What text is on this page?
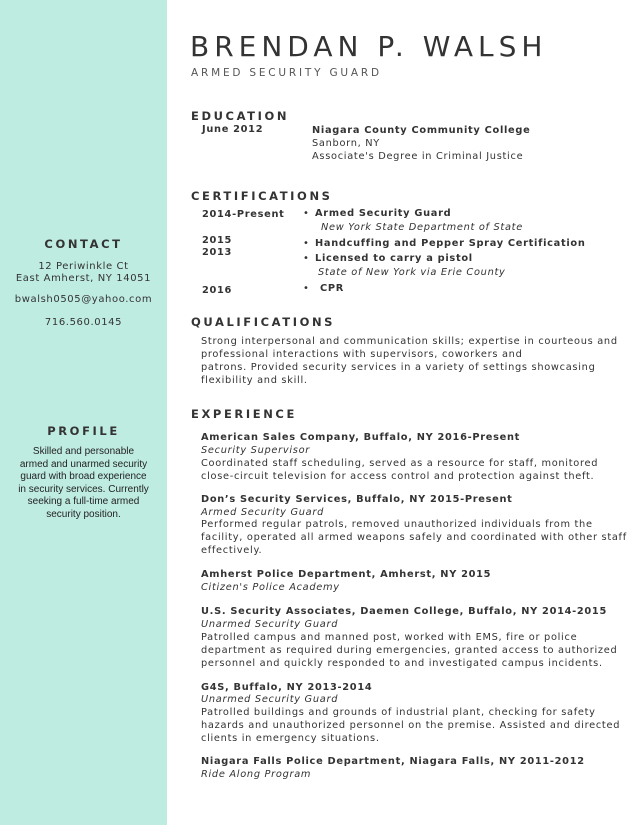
CONTACT
12 Periwinkle Ct
East Amherst, NY 14051
bwalsh0505@yahoo.com
716.560.0145
PROFILE
Skilled and personable armed and unarmed security guard with broad experience in security services. Currently seeking a full-time armed security position.
BRENDAN P. WALSH
ARMED SECURITY GUARD
EDUCATION
June 2012	Niagara County Community College
Sanborn, NY
Associate's Degree in Criminal Justice
CERTIFICATIONS
2014-Present
2015
2013
2016
• Armed Security Guard
New York State Department of State
• Handcuffing and Pepper Spray Certification
• Licensed to carry a pistol
State of New York via Erie County
• CPR
QUALIFICATIONS
Strong interpersonal and communication skills; expertise in courteous and
professional interactions with supervisors, coworkers and
patrons. Provided security services in a variety of settings showcasing
flexibility and skill.
EXPERIENCE
American Sales Company, Buffalo, NY 2016-Present
Security Supervisor
Coordinated staff scheduling, served as a resource for staff, monitored
close-circuit television for access control and protection against theft.
Don’s Security Services, Buffalo, NY 2015-Present
Armed Security Guard
Performed regular patrols, removed unauthorized individuals from the
facility, operated all armed weapons safely and coordinated with other staff
effectively.
Amherst Police Department, Amherst, NY 2015
Citizen's Police Academy
U.S. Security Associates, Daemen College, Buffalo, NY 2014-2015
Unarmed Security Guard
Patrolled campus and manned post, worked with EMS, fire or police
department as required during emergencies, granted access to authorized
personnel and quickly responded to and investigated campus incidents.
G4S, Buffalo, NY 2013-2014
Unarmed Security Guard
Patrolled buildings and grounds of industrial plant, checking for safety
hazards and unauthorized personnel on the premise. Assisted and directed
clients in emergency situations.
Niagara Falls Police Department, Niagara Falls, NY 2011-2012
Ride Along Program
